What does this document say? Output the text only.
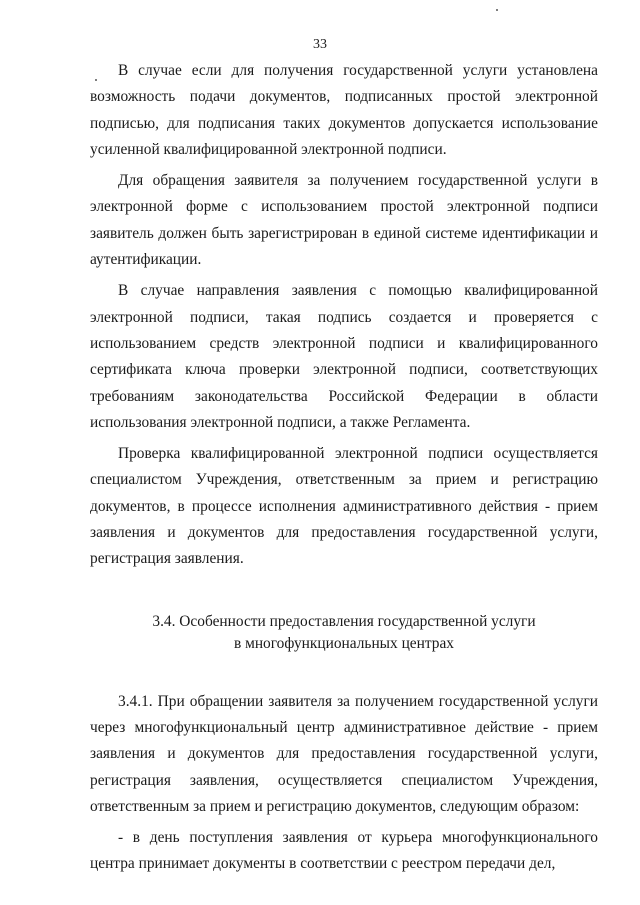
33

В случае если для получения государственной услуги установлена возможность подачи документов, подписанных простой электронной подписью, для подписания таких документов допускается использование усиленной квалифицированной электронной подписи.

Для обращения заявителя за получением государственной услуги в электронной форме с использованием простой электронной подписи заявитель должен быть зарегистрирован в единой системе идентификации и аутентификации.

В случае направления заявления с помощью квалифицированной электронной подписи, такая подпись создается и проверяется с использованием средств электронной подписи и квалифицированного сертификата ключа проверки электронной подписи, соответствующих требованиям законодательства Российской Федерации в области использования электронной подписи, а также Регламента.

Проверка квалифицированной электронной подписи осуществляется специалистом Учреждения, ответственным за прием и регистрацию документов, в процессе исполнения административного действия - прием заявления и документов для предоставления государственной услуги, регистрация заявления.

3.4. Особенности предоставления государственной услуги
в многофункциональных центрах

3.4.1. При обращении заявителя за получением государственной услуги через многофункциональный центр административное действие - прием заявления и документов для предоставления государственной услуги, регистрация заявления, осуществляется специалистом Учреждения, ответственным за прием и регистрацию документов, следующим образом:

- в день поступления заявления от курьера многофункционального центра принимает документы в соответствии с реестром передачи дел,
